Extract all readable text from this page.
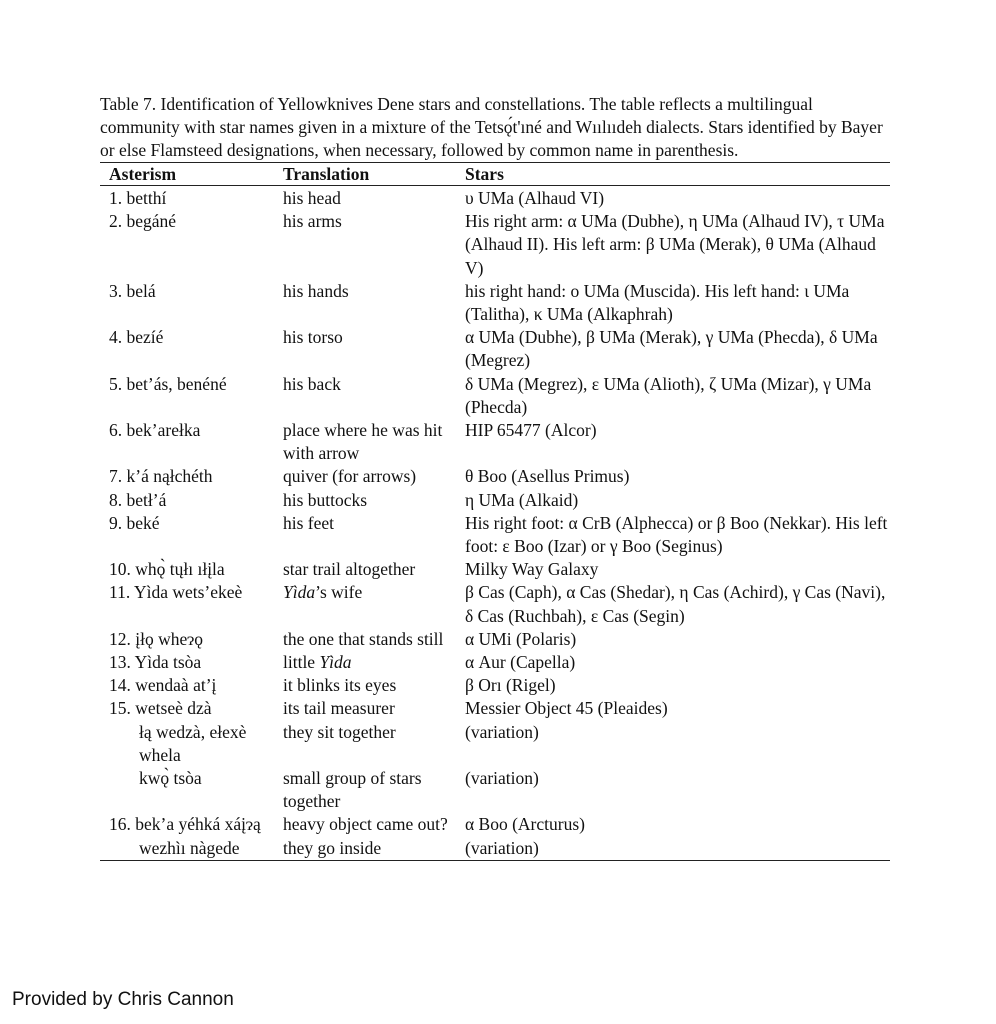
Table 7. Identification of Yellowknives Dene stars and constellations. The table reflects a multilingual community with star names given in a mixture of the Tetsǫ́t'ıné and Wıılııdeh dialects. Stars identified by Bayer or else Flamsteed designations, when necessary, followed by common name in parenthesis.

Asterism	Translation	Stars
1. betthí	his head	υ UMa (Alhaud VI)
2. begáné	his arms	His right arm: α UMa (Dubhe), η UMa (Alhaud IV), τ UMa (Alhaud II). His left arm: β UMa (Merak), θ UMa (Alhaud V)
3. belá	his hands	his right hand: ο UMa (Muscida). His left hand: ι UMa (Talitha), κ UMa (Alkaphrah)
4. bezíé	his torso	α UMa (Dubhe), β UMa (Merak), γ UMa (Phecda), δ UMa (Megrez)
5. bet’ás, benéné	his back	δ UMa (Megrez), ε UMa (Alioth), ζ UMa (Mizar), γ UMa (Phecda)
6. bek’arełka	place where he was hit with arrow	HIP 65477 (Alcor)
7. k’á nąłchéth	quiver (for arrows)	θ Boo (Asellus Primus)
8. betł’á	his buttocks	η UMa (Alkaid)
9. beké	his feet	His right foot: α CrB (Alphecca) or β Boo (Nekkar). His left foot: ε Boo (Izar) or γ Boo (Seginus)
10. whǫ̀ tųłı ıłįla	star trail altogether	Milky Way Galaxy
11. Yìda wets’ekeè	Yìda’s wife	β Cas (Caph), α Cas (Shedar), η Cas (Achird), γ Cas (Navi), δ Cas (Ruchbah), ε Cas (Segin)
12. įłǫ wheɂǫ	the one that stands still	α UMi (Polaris)
13. Yìda tsòa	little Yìda	α Aur (Capella)
14. wendaà at’į	it blinks its eyes	β Orı (Rigel)
15. wetseè dzà	its tail measurer	Messier Object 45 (Pleaides)
łą wedzà, ełexè whela	they sit together	(variation)
kwǫ̀ tsòa	small group of stars together	(variation)
16. bek’a yéhká xáįɂą	heavy object came out?	α Boo (Arcturus)
wezhìı nàgede	they go inside	(variation)
Provided by Chris Cannon
